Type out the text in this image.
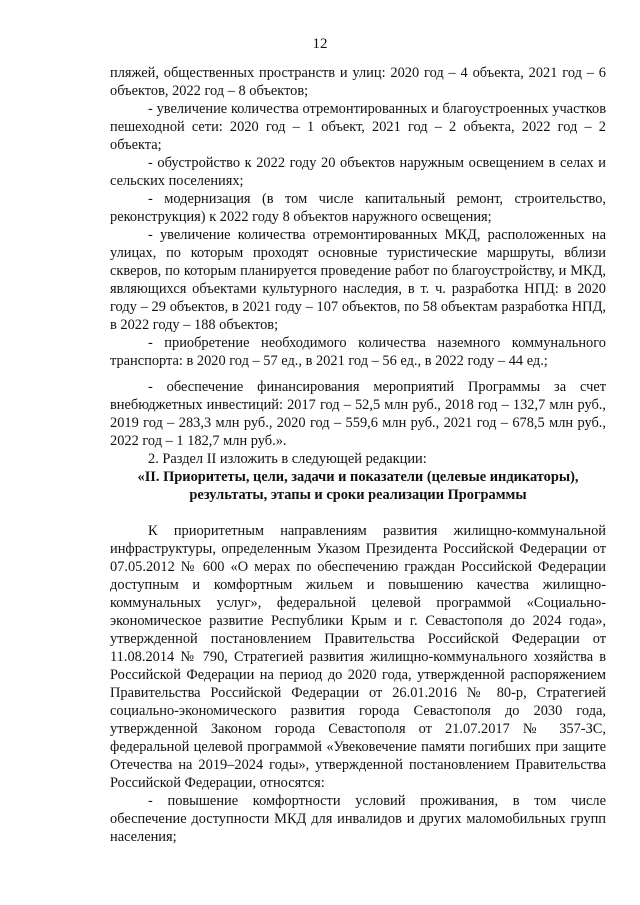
12

пляжей, общественных пространств и улиц: 2020 год – 4 объекта, 2021 год – 6 объектов, 2022 год – 8 объектов;

- увеличение количества отремонтированных и благоустроенных участков пешеходной сети: 2020 год – 1 объект, 2021 год – 2 объекта, 2022 год – 2 объекта;

- обустройство к 2022 году 20 объектов наружным освещением в селах и сельских поселениях;

- модернизация (в том числе капитальный ремонт, строительство, реконструкция) к 2022 году 8 объектов наружного освещения;

- увеличение количества отремонтированных МКД, расположенных на улицах, по которым проходят основные туристические маршруты, вблизи скверов, по которым планируется проведение работ по благоустройству, и МКД, являющихся объектами культурного наследия, в т. ч. разработка НПД: в 2020 году – 29 объектов, в 2021 году – 107 объектов, по 58 объектам разработка НПД, в 2022 году – 188 объектов;

- приобретение необходимого количества наземного коммунального транспорта: в 2020 год – 57 ед., в 2021 год – 56 ед., в 2022 году – 44 ед.;

- обеспечение финансирования мероприятий Программы за счет внебюджетных инвестиций: 2017 год – 52,5 млн руб., 2018 год – 132,7 млн руб., 2019 год – 283,3 млн руб., 2020 год – 559,6 млн руб., 2021 год – 678,5 млн руб., 2022 год – 1 182,7 млн руб.».

2. Раздел II изложить в следующей редакции:

«II. Приоритеты, цели, задачи и показатели (целевые индикаторы), результаты, этапы и сроки реализации Программы

К приоритетным направлениям развития жилищно-коммунальной инфраструктуры, определенным Указом Президента Российской Федерации от 07.05.2012 № 600 «О мерах по обеспечению граждан Российской Федерации доступным и комфортным жильем и повышению качества жилищно-коммунальных услуг», федеральной целевой программой «Социально-экономическое развитие Республики Крым и г. Севастополя до 2024 года», утвержденной постановлением Правительства Российской Федерации от 11.08.2014 № 790, Стратегией развития жилищно-коммунального хозяйства в Российской Федерации на период до 2020 года, утвержденной распоряжением Правительства Российской Федерации от 26.01.2016 № 80-р, Стратегией социально-экономического развития города Севастополя до 2030 года, утвержденной Законом города Севастополя от 21.07.2017 № 357-ЗС, федеральной целевой программой «Увековечение памяти погибших при защите Отечества на 2019–2024 годы», утвержденной постановлением Правительства Российской Федерации, относятся:

- повышение комфортности условий проживания, в том числе обеспечение доступности МКД для инвалидов и других маломобильных групп населения;
